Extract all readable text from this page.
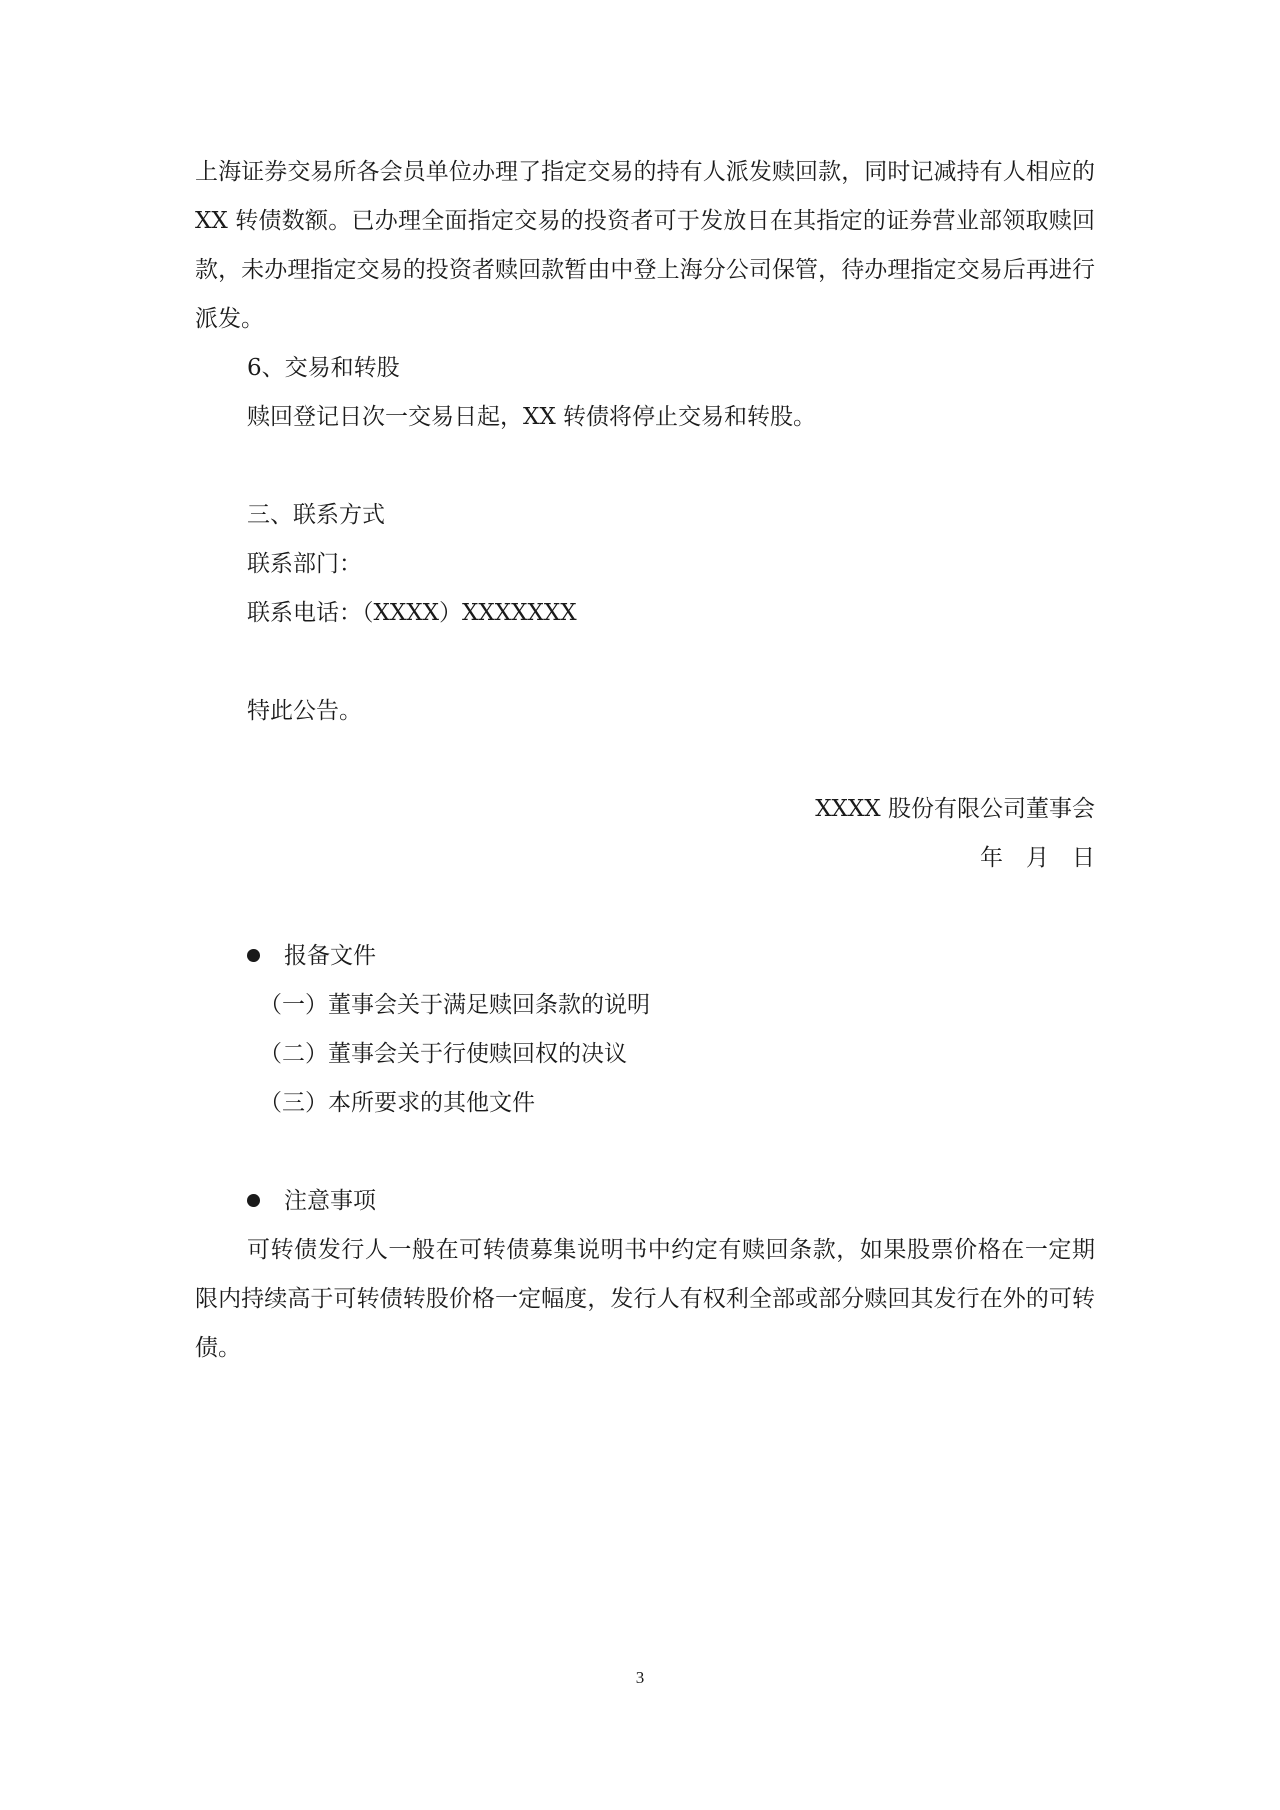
上海证券交易所各会员单位办理了指定交易的持有人派发赎回款，同时记减持有人相应的 XX 转债数额。已办理全面指定交易的投资者可于发放日在其指定的证券营业部领取赎回款，未办理指定交易的投资者赎回款暂由中登上海分公司保管，待办理指定交易后再进行派发。

6、交易和转股

赎回登记日次一交易日起，XX 转债将停止交易和转股。

三、联系方式

联系部门：

联系电话：（XXXX）XXXXXXX

特此公告。

XXXX 股份有限公司董事会

年　月　日

报备文件

（一）董事会关于满足赎回条款的说明

（二）董事会关于行使赎回权的决议

（三）本所要求的其他文件

注意事项

可转债发行人一般在可转债募集说明书中约定有赎回条款，如果股票价格在一定期限内持续高于可转债转股价格一定幅度，发行人有权利全部或部分赎回其发行在外的可转债。

3
